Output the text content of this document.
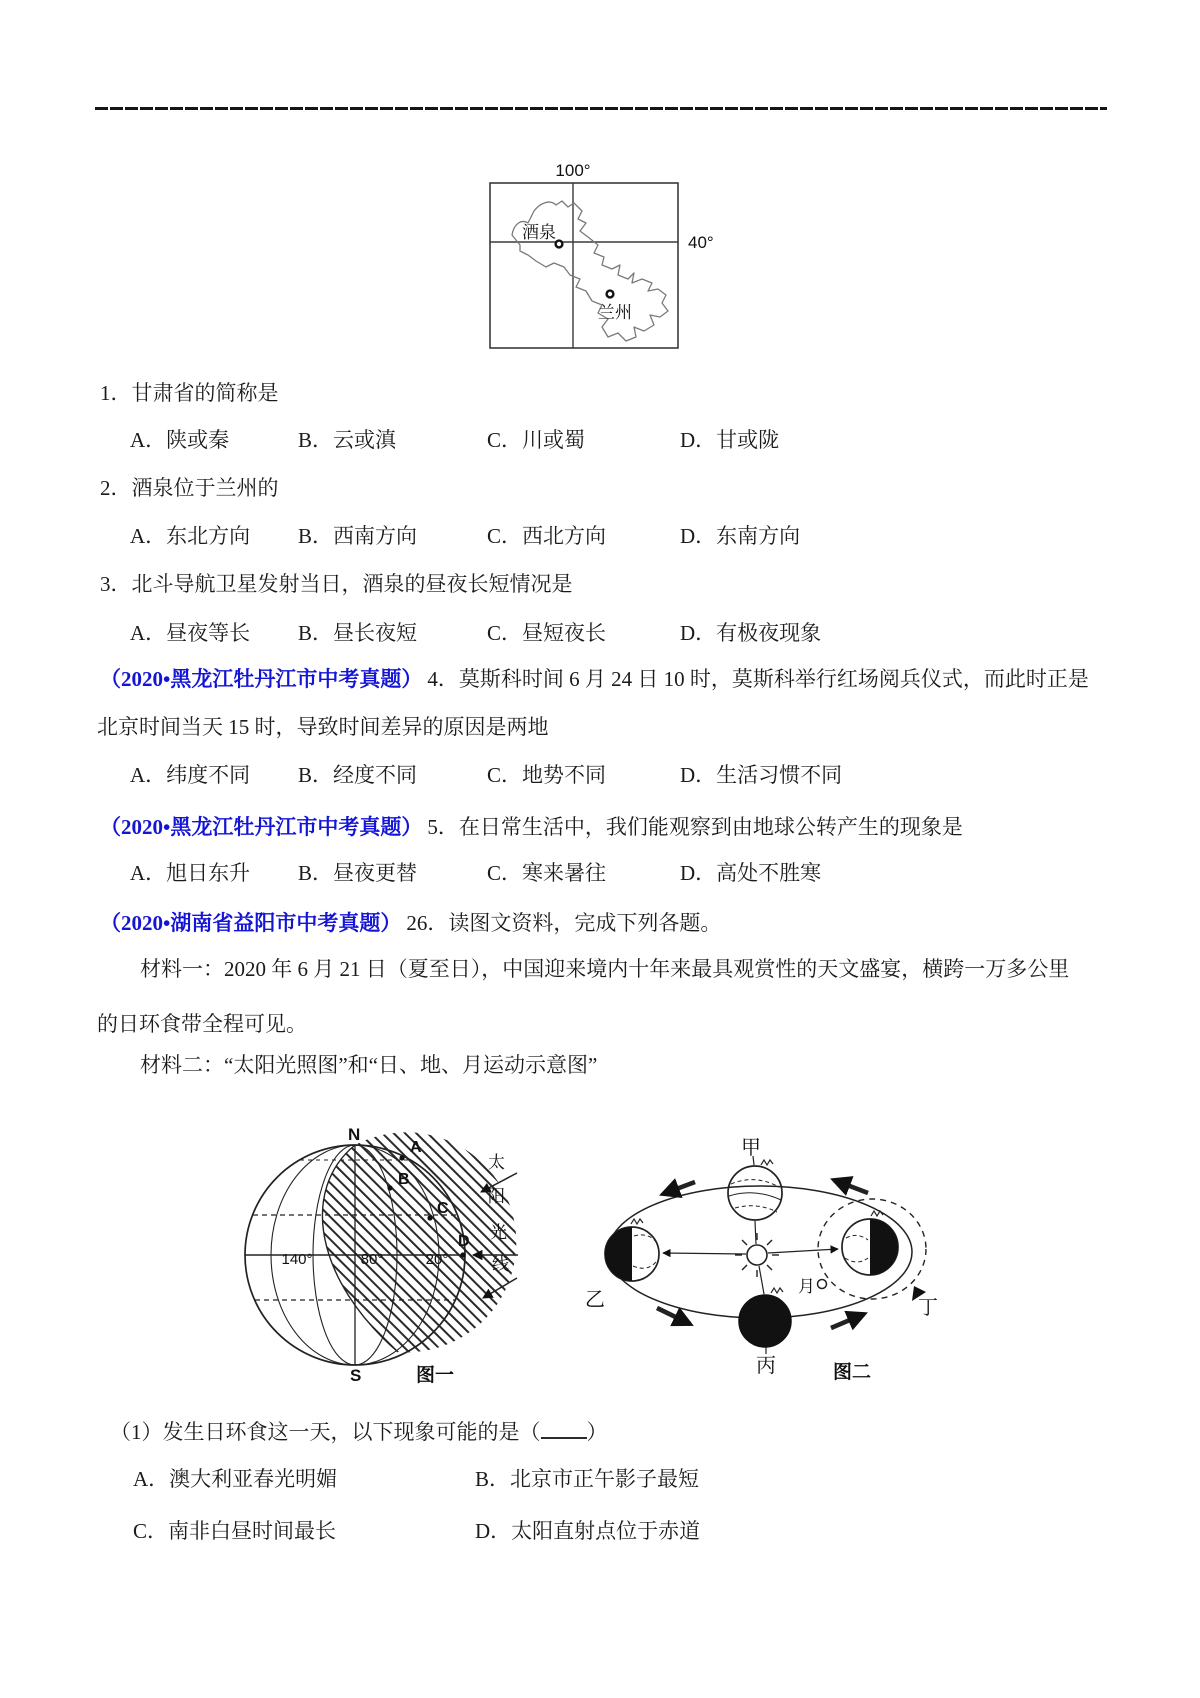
100°
40°
酒泉
兰州
1．甘肃省的简称是
A．陕或秦	B．云或滇	C．川或蜀	D．甘或陇
2．酒泉位于兰州的
A．东北方向 B．西南方向	C．西北方向	D．东南方向
3．北斗导航卫星发射当日，酒泉的昼夜长短情况是
A．昼夜等长 B．昼长夜短	C．昼短夜长	D．有极夜现象
（2020•黑龙江牡丹江市中考真题） 4．莫斯科时间 6 月 24 日 10 时，莫斯科举行红场阅兵仪式，而此时正是
北京时间当天 15 时，导致时间差异的原因是两地
A．纬度不同 B．经度不同	C．地势不同	D．生活习惯不同
（2020•黑龙江牡丹江市中考真题） 5．在日常生活中，我们能观察到由地球公转产生的现象是
A．旭日东升 B．昼夜更替	C．寒来暑往	D．高处不胜寒
（2020•湖南省益阳市中考真题） 26．读图文资料，完成下列各题。
材料一：2020 年 6 月 21 日（夏至日），中国迎来境内十年来最具观赏性的天文盛宴，横跨一万多公里
的日环食带全程可见。
材料二：“太阳光照图”和“日、地、月运动示意图”
140°	80°	20°
N
S
A
B
C
D
太
阳
光
线
图一
甲
乙
丙
月
丁
图二
（1）发生日环食这一天，以下现象可能的是（ ）
A．澳大利亚春光明媚	B．北京市正午影子最短
C．南非白昼时间最长	D．太阳直射点位于赤道
